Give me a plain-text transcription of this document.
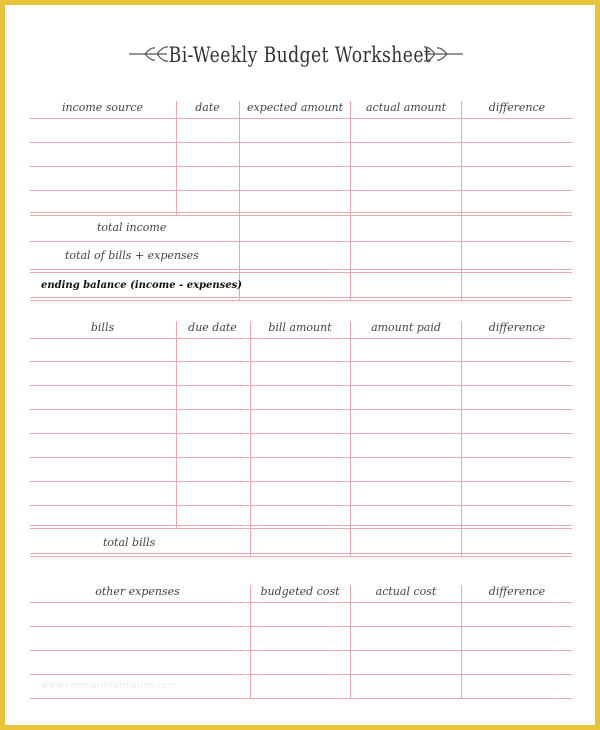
Bi-Weekly Budget Worksheet
income source	date	expected amount	actual amount	difference
total income
total of bills + expenses
ending balance (income - expenses)
bills	due date	bill amount	amount paid	difference
total bills
other expenses	budgeted cost	actual cost	difference
www.templatesformation.com
